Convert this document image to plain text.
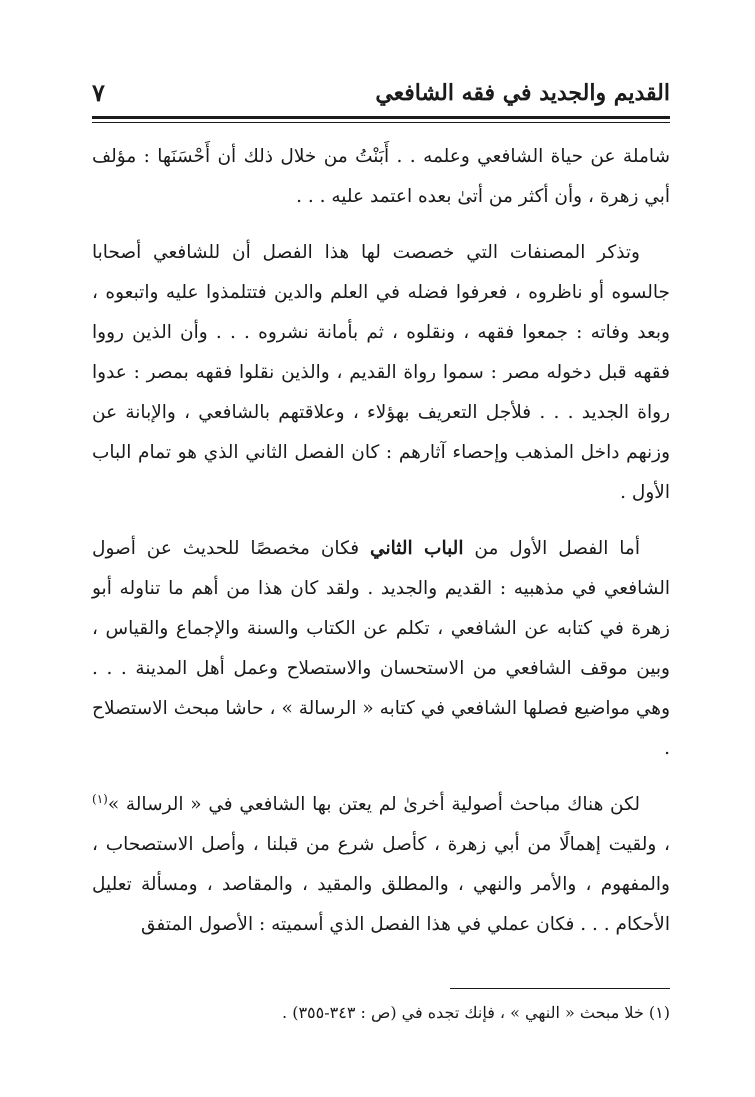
القديم والجديد في فقه الشافعي
٧

شاملة عن حياة الشافعي وعلمه . . أَبَنْتُ من خلال ذلك أن أَحْسَنَها : مؤلف أبي زهرة ، وأن أكثر من أتىٰ بعده اعتمد عليه . . .

وتذكر المصنفات التي خصصت لها هذا الفصل أن للشافعي أصحابا جالسوه أو ناظروه ، فعرفوا فضله في العلم والدين فتتلمذوا عليه واتبعوه ، وبعد وفاته : جمعوا فقهه ، ونقلوه ، ثم بأمانة نشروه . . . وأن الذين رووا فقهه قبل دخوله مصر : سموا رواة القديم ، والذين نقلوا فقهه بمصر : عدوا رواة الجديد . . . فلأجل التعريف بهؤلاء ، وعلاقتهم بالشافعي ، والإبانة عن وزنهم داخل المذهب وإحصاء آثارهم : كان الفصل الثاني الذي هو تمام الباب الأول .

أما الفصل الأول من الباب الثاني فكان مخصصًا للحديث عن أصول الشافعي في مذهبيه : القديم والجديد . ولقد كان هذا من أهم ما تناوله أبو زهرة في كتابه عن الشافعي ، تكلم عن الكتاب والسنة والإجماع والقياس ، وبين موقف الشافعي من الاستحسان والاستصلاح وعمل أهل المدينة . . . وهي مواضيع فصلها الشافعي في كتابه « الرسالة » ، حاشا مبحث الاستصلاح .

لكن هناك مباحث أصولية أخرىٰ لم يعتن بها الشافعي في « الرسالة »$^{(١)}$ ، ولقيت إهمالًا من أبي زهرة ، كأصل شرع من قبلنا ، وأصل الاستصحاب ، والمفهوم ، والأمر والنهي ، والمطلق والمقيد ، والمقاصد ، ومسألة تعليل الأحكام . . . فكان عملي في هذا الفصل الذي أسميته : الأصول المتفق

(١) خلا مبحث « النهي » ، فإنك تجده في (ص : ٣٤٣-٣٥٥) .
